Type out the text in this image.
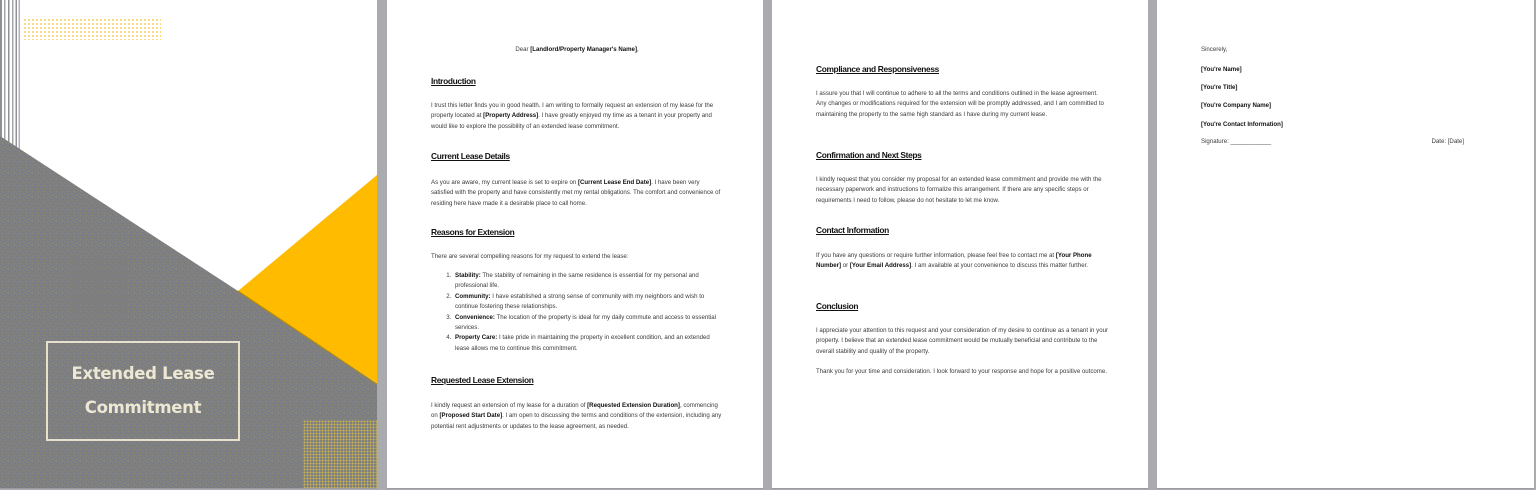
Extended Lease
Commitment

Dear [Landlord/Property Manager's Name],

Introduction

I trust this letter finds you in good health. I am writing to formally request an extension of my lease for the property located at [Property Address]. I have greatly enjoyed my time as a tenant in your property and would like to explore the possibility of an extended lease commitment.

Current Lease Details

As you are aware, my current lease is set to expire on [Current Lease End Date]. I have been very satisfied with the property and have consistently met my rental obligations. The comfort and convenience of residing here have made it a desirable place to call home.

Reasons for Extension

There are several compelling reasons for my request to extend the lease:

1. Stability: The stability of remaining in the same residence is essential for my personal and professional life.
2. Community: I have established a strong sense of community with my neighbors and wish to continue fostering these relationships.
3. Convenience: The location of the property is ideal for my daily commute and access to essential services.
4. Property Care: I take pride in maintaining the property in excellent condition, and an extended lease allows me to continue this commitment.
Requested Lease Extension

I kindly request an extension of my lease for a duration of [Requested Extension Duration], commencing on [Proposed Start Date]. I am open to discussing the terms and conditions of the extension, including any potential rent adjustments or updates to the lease agreement, as needed.

Compliance and Responsiveness

I assure you that I will continue to adhere to all the terms and conditions outlined in the lease agreement. Any changes or modifications required for the extension will be promptly addressed, and I am committed to maintaining the property to the same high standard as I have during my current lease.

Confirmation and Next Steps

I kindly request that you consider my proposal for an extended lease commitment and provide me with the necessary paperwork and instructions to formalize this arrangement. If there are any specific steps or requirements I need to follow, please do not hesitate to let me know.

Contact Information

If you have any questions or require further information, please feel free to contact me at [Your Phone Number] or [Your Email Address]. I am available at your convenience to discuss this matter further.

Conclusion

I appreciate your attention to this request and your consideration of my desire to continue as a tenant in your property. I believe that an extended lease commitment would be mutually beneficial and contribute to the overall stability and quality of the property.

Thank you for your time and consideration. I look forward to your response and hope for a positive outcome.

Sincerely,

[You're Name]

[You're Title]

[You're Company Name]

[You're Contact Information]

Signature: ____________	Date: [Date]
